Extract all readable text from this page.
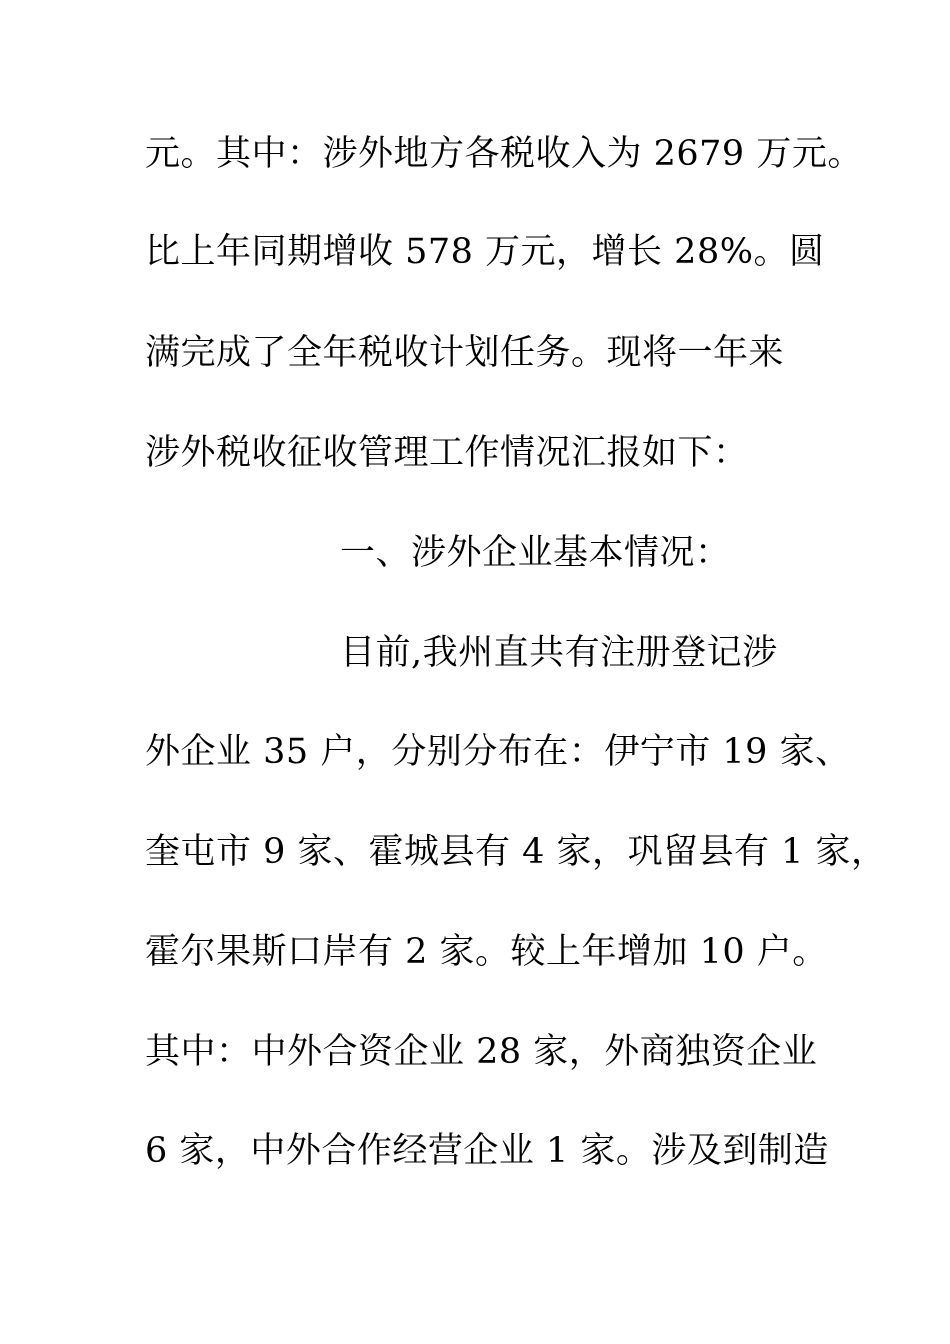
元。其中：涉外地方各税收入为 2679 万元。
比上年同期增收 578 万元，增长 28%。圆
满完成了全年税收计划任务。现将一年来
涉外税收征收管理工作情况汇报如下：
一、涉外企业基本情况：
目前,我州直共有注册登记涉
外企业 35 户，分别分布在：伊宁市 19 家、
奎屯市 9 家、霍城县有 4 家，巩留县有 1 家，
霍尔果斯口岸有 2 家。较上年增加 10 户。
其中：中外合资企业 28 家，外商独资企业
6 家，中外合作经营企业 1 家。涉及到制造
